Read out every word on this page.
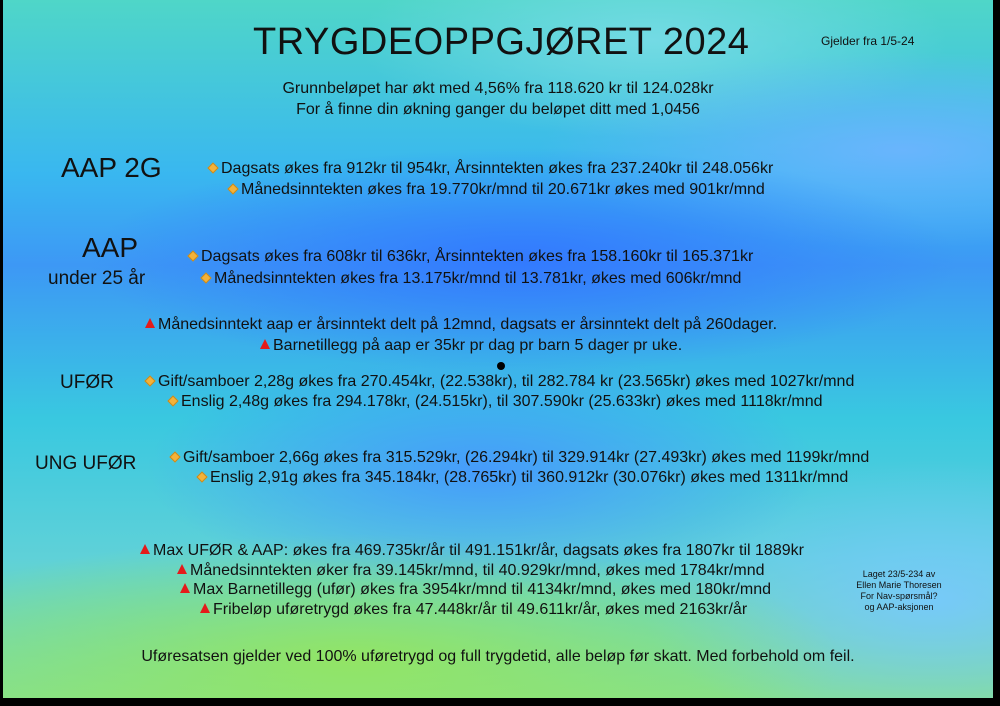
TRYGDEOPPGJØRET 2024	Gjelder fra 1/5-24
Grunnbeløpet har økt med 4,56% fra 118.620 kr til 124.028kr
For å finne din økning ganger du beløpet ditt med 1,0456
AAP 2G	Dagsats økes fra 912kr til 954kr, Årsinntekten økes fra 237.240kr til 248.056kr
Månedsinntekten økes fra 19.770kr/mnd til 20.671kr økes med 901kr/mnd
AAP
under 25 år
Dagsats økes fra 608kr til 636kr, Årsinntekten økes fra 158.160kr til 165.371kr
Månedsinntekten økes fra 13.175kr/mnd til 13.781kr, økes med 606kr/mnd
Månedsinntekt aap er årsinntekt delt på 12mnd, dagsats er årsinntekt delt på 260dager.
Barnetillegg på aap er 35kr pr dag pr barn 5 dager pr uke.
UFØR	Gift/samboer 2,28g økes fra 270.454kr, (22.538kr), til 282.784 kr (23.565kr) økes med 1027kr/mnd
Enslig 2,48g økes fra 294.178kr, (24.515kr), til 307.590kr (25.633kr) økes med 1118kr/mnd
UNG UFØR	Gift/samboer 2,66g økes fra 315.529kr, (26.294kr) til 329.914kr (27.493kr) økes med 1199kr/mnd
Enslig 2,91g økes fra 345.184kr, (28.765kr) til 360.912kr (30.076kr) økes med 1311kr/mnd
Max UFØR & AAP: økes fra 469.735kr/år til 491.151kr/år, dagsats økes fra 1807kr til 1889kr
Månedsinntekten øker fra 39.145kr/mnd, til 40.929kr/mnd, økes med 1784kr/mnd
Max Barnetillegg (ufør) økes fra 3954kr/mnd til 4134kr/mnd, økes med 180kr/mnd
Fribeløp uføretrygd økes fra 47.448kr/år til 49.611kr/år, økes med 2163kr/år
Laget 23/5-234 av
Ellen Marie Thoresen
For Nav-spørsmål?
og AAP-aksjonen
Uføresatsen gjelder ved 100% uføretrygd og full trygdetid, alle beløp før skatt. Med forbehold om feil.
